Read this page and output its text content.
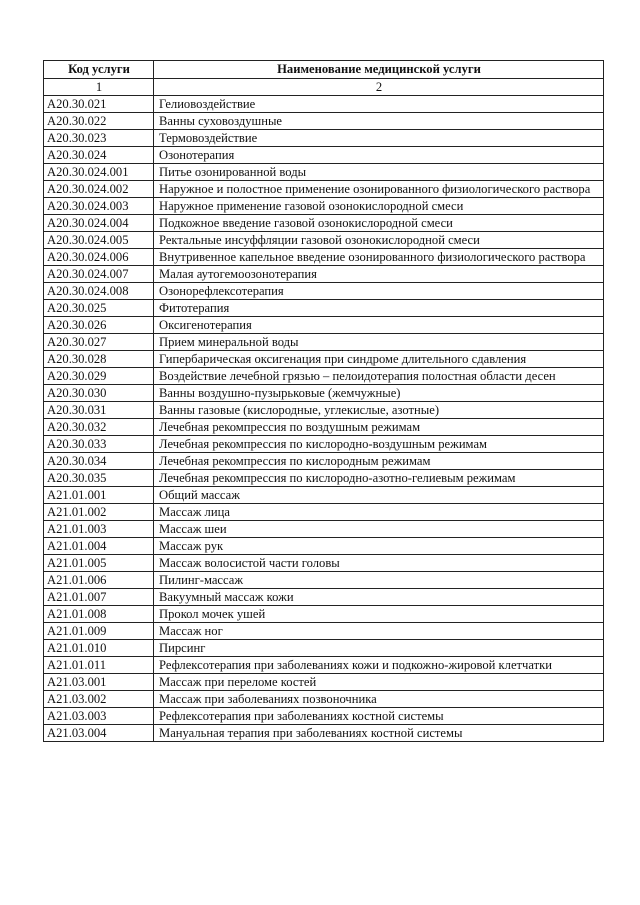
Код услуги	Наименование медицинской услуги
1	2
A20.30.021	Гелиовоздействие
A20.30.022	Ванны суховоздушные
A20.30.023	Термовоздействие
A20.30.024	Озонотерапия
A20.30.024.001	Питье озонированной воды
A20.30.024.002	Наружное и полостное применение озонированного физиологического раствора
A20.30.024.003	Наружное применение газовой озонокислородной смеси
A20.30.024.004	Подкожное введение газовой озонокислородной смеси
A20.30.024.005	Ректальные инсуффляции газовой озонокислородной смеси
A20.30.024.006	Внутривенное капельное введение озонированного физиологического раствора
A20.30.024.007	Малая аутогемоозонотерапия
A20.30.024.008	Озонорефлексотерапия
A20.30.025	Фитотерапия
A20.30.026	Оксигенотерапия
A20.30.027	Прием минеральной воды
A20.30.028	Гипербарическая оксигенация при синдроме длительного сдавления
A20.30.029	Воздействие лечебной грязью – пелоидотерапия полостная области десен
A20.30.030	Ванны воздушно-пузырьковые (жемчужные)
A20.30.031	Ванны газовые (кислородные, углекислые, азотные)
A20.30.032	Лечебная рекомпрессия по воздушным режимам
A20.30.033	Лечебная рекомпрессия по кислородно-воздушным режимам
A20.30.034	Лечебная рекомпрессия по кислородным режимам
A20.30.035	Лечебная рекомпрессия по кислородно-азотно-гелиевым режимам
A21.01.001	Общий массаж
A21.01.002	Массаж лица
A21.01.003	Массаж шеи
A21.01.004	Массаж рук
A21.01.005	Массаж волосистой части головы
A21.01.006	Пилинг-массаж
A21.01.007	Вакуумный массаж кожи
A21.01.008	Прокол мочек ушей
A21.01.009	Массаж ног
A21.01.010	Пирсинг
A21.01.011	Рефлексотерапия при заболеваниях кожи и подкожно-жировой клетчатки
A21.03.001	Массаж при переломе костей
A21.03.002	Массаж при заболеваниях позвоночника
A21.03.003	Рефлексотерапия при заболеваниях костной системы
A21.03.004	Мануальная терапия при заболеваниях костной системы
